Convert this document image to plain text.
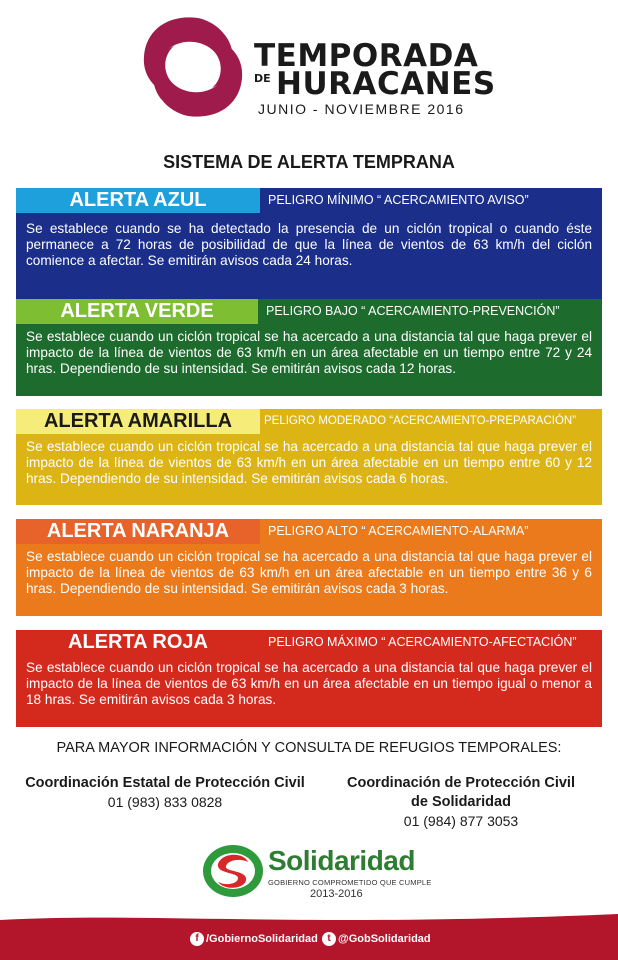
TEMPORADA
DE HURACANES
JUNIO - NOVIEMBRE 2016
SISTEMA DE ALERTA TEMPRANA
ALERTA AZUL	PELIGRO MÍNIMO “ ACERCAMIENTO AVISO”
Se establece cuando se ha detectado la presencia de un ciclón tropical o cuando éste permanece a 72 horas de posibilidad de que la línea de vientos de 63 km/h del ciclón comience a afectar. Se emitirán avisos cada 24 horas.
ALERTA VERDE	PELIGRO BAJO “ ACERCAMIENTO-PREVENCIÓN”
Se establece cuando un ciclón tropical se ha acercado a una distancia tal que haga prever el impacto de la línea de vientos de 63 km/h en un área afectable en un tiempo entre 72 y 24 hras. Dependiendo de su intensidad. Se emitirán avisos cada 12 horas.
ALERTA AMARILLA	PELIGRO MODERADO “ACERCAMIENTO-PREPARACIÓN”
Se establece cuando un ciclón tropical se ha acercado a una distancia tal que haga prever el impacto de la línea de vientos de 63 km/h en un área afectable en un tiempo entre 60 y 12 hras. Dependiendo de su intensidad. Se emitirán avisos cada 6 horas.
ALERTA NARANJA	PELIGRO ALTO “ ACERCAMIENTO-ALARMA”
Se establece cuando un ciclón tropical se ha acercado a una distancia tal que haga prever el impacto de la línea de vientos de 63 km/h en un área afectable en un tiempo entre 36 y 6 hras. Dependiendo de su intensidad. Se emitirán avisos cada 3 horas.
ALERTA ROJA	PELIGRO MÁXIMO “ ACERCAMIENTO-AFECTACIÓN”
Se establece cuando un ciclón tropical se ha acercado a una distancia tal que haga prever el impacto de la línea de vientos de 63 km/h en un área afectable en un tiempo igual o menor a 18 hras. Se emitirán avisos cada 3 horas.
PARA MAYOR INFORMACIÓN Y CONSULTA DE REFUGIOS TEMPORALES:
Coordinación Estatal de Protección Civil
01 (983) 833 0828
Coordinación de Protección Civil
de Solidaridad
01 (984) 877 3053
Solidaridad
GOBIERNO COMPROMETIDO QUE CUMPLE
2013-2016
f /GobiernoSolidaridad t @GobSolidaridad
